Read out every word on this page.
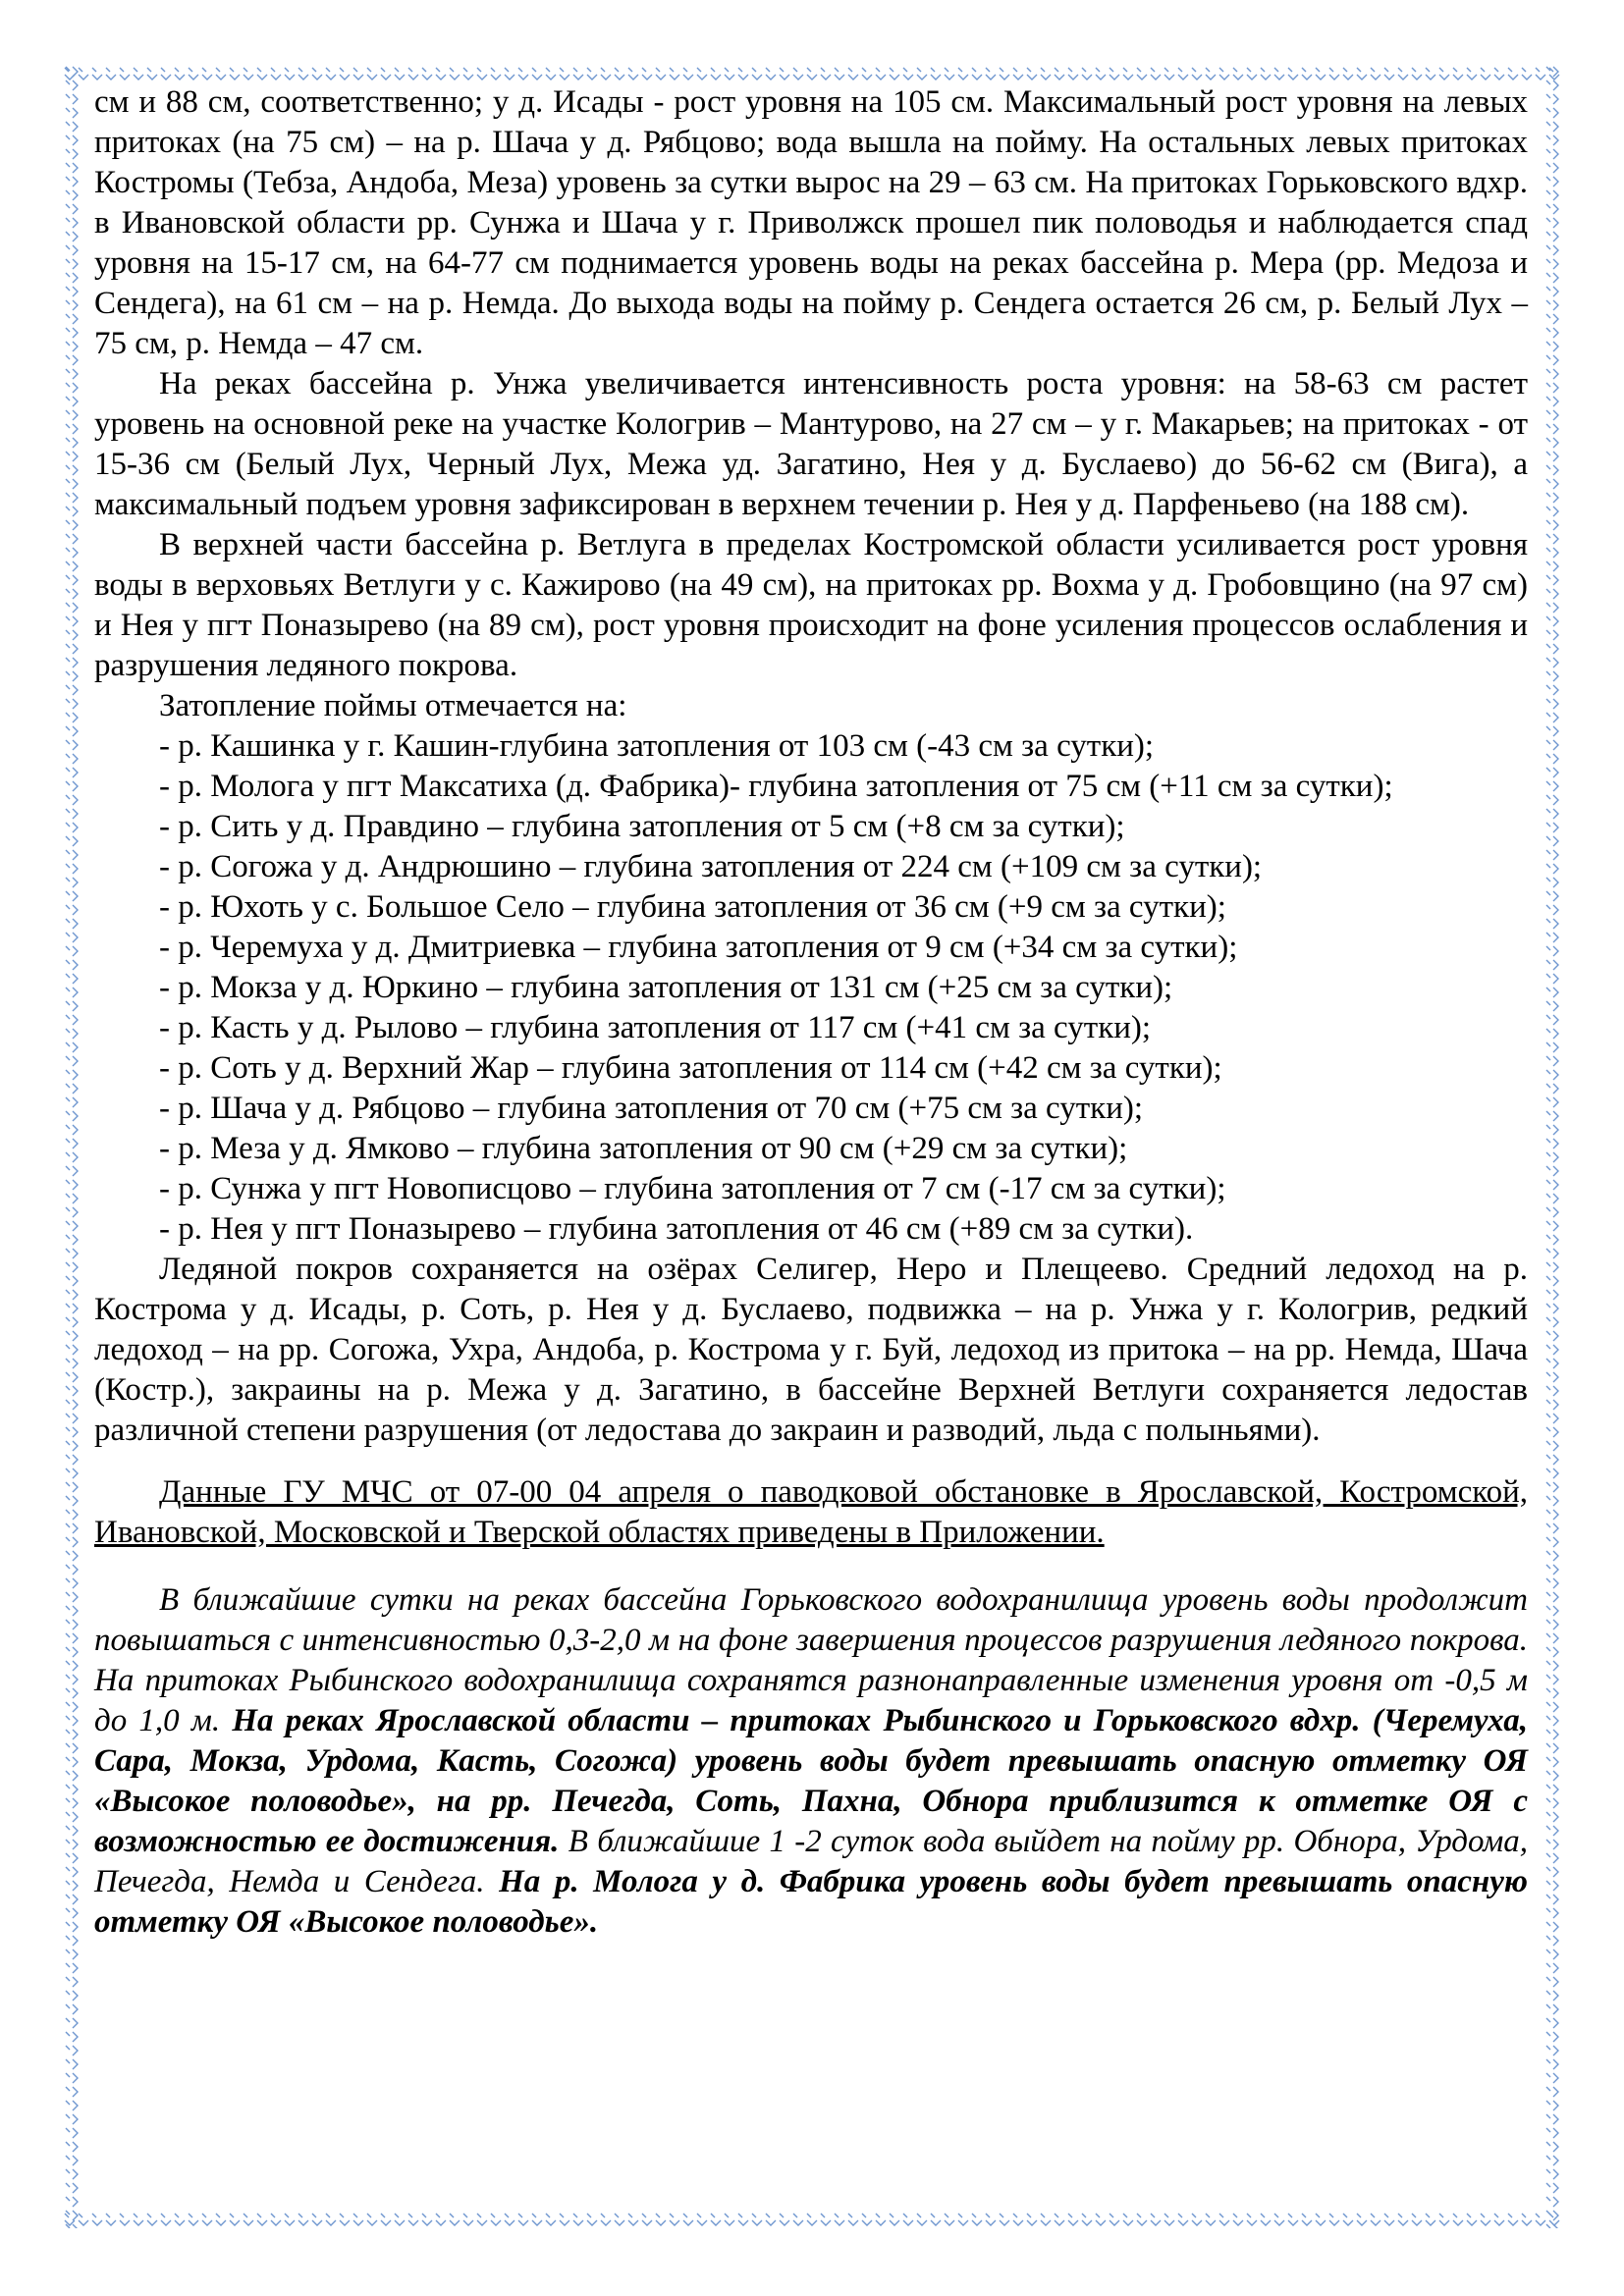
см и 88 см, соответственно; у д. Исады - рост уровня на 105 см. Максимальный рост уровня на левых притоках (на 75 см) – на р. Шача у д. Рябцово; вода вышла на пойму. На остальных левых притоках Костромы (Тебза, Андоба, Меза) уровень за сутки вырос на 29 – 63 см. На притоках Горьковского вдхр. в Ивановской области рр. Сунжа и Шача у г. Приволжск прошел пик половодья и наблюдается спад уровня на 15-17 см, на 64-77 см поднимается уровень воды на реках бассейна р. Мера (рр. Медоза и Сендега), на 61 см – на р. Немда. До выхода воды на пойму р. Сендега остается 26 см, р. Белый Лух – 75 см, р. Немда – 47 см.

На реках бассейна р. Унжа увеличивается интенсивность роста уровня: на 58-63 см растет уровень на основной реке на участке Кологрив – Мантурово, на 27 см – у г. Макарьев; на притоках - от 15-36 см (Белый Лух, Черный Лух, Межа уд. Загатино, Нея у д. Буслаево) до 56-62 см (Вига), а максимальный подъем уровня зафиксирован в верхнем течении р. Нея у д. Парфеньево (на 188 см).

В верхней части бассейна р. Ветлуга в пределах Костромской области усиливается рост уровня воды в верховьях Ветлуги у с. Кажирово (на 49 см), на притоках рр. Вохма у д. Гробовщино (на 97 см) и Нея у пгт Поназырево (на 89 см), рост уровня происходит на фоне усиления процессов ослабления и разрушения ледяного покрова.

Затопление поймы отмечается на:

- р. Кашинка у г. Кашин-глубина затопления от 103 см (-43 см за сутки);

- р. Молога у пгт Максатиха (д. Фабрика)- глубина затопления от 75 см (+11 см за сутки);

- р. Сить у д. Правдино – глубина затопления от 5 см (+8 см за сутки);

- р. Согожа у д. Андрюшино – глубина затопления от 224 см (+109 см за сутки);

- р. Юхоть у с. Большое Село – глубина затопления от 36 см (+9 см за сутки);

- р. Черемуха у д. Дмитриевка – глубина затопления от 9 см (+34 см за сутки);

- р. Мокза у д. Юркино – глубина затопления от 131 см (+25 см за сутки);

- р. Касть у д. Рылово – глубина затопления от 117 см (+41 см за сутки);

- р. Соть у д. Верхний Жар – глубина затопления от 114 см (+42 см за сутки);

- р. Шача у д. Рябцово – глубина затопления от 70 см (+75 см за сутки);

- р. Меза у д. Ямково – глубина затопления от 90 см (+29 см за сутки);

- р. Сунжа у пгт Новописцово – глубина затопления от 7 см (-17 см за сутки);

- р. Нея у пгт Поназырево – глубина затопления от 46 см (+89 см за сутки).

Ледяной покров сохраняется на озёрах Селигер, Неро и Плещеево. Средний ледоход на р. Кострома у д. Исады, р. Соть, р. Нея у д. Буслаево, подвижка – на р. Унжа у г. Кологрив, редкий ледоход – на рр. Согожа, Ухра, Андоба, р. Кострома у г. Буй, ледоход из притока – на рр. Немда, Шача (Костр.), закраины на р. Межа у д. Загатино, в бассейне Верхней Ветлуги сохраняется ледостав различной степени разрушения (от ледостава до закраин и разводий, льда с полыньями).

Данные ГУ МЧС от 07-00 04 апреля о паводковой обстановке в Ярославской, Костромской, Ивановской, Московской и Тверской областях приведены в Приложении.

В ближайшие сутки на реках бассейна Горьковского водохранилища уровень воды продолжит повышаться с интенсивностью 0,3-2,0 м на фоне завершения процессов разрушения ледяного покрова. На притоках Рыбинского водохранилища сохранятся разнонаправленные изменения уровня от -0,5 м до 1,0 м. На реках Ярославской области – притоках Рыбинского и Горьковского вдхр. (Черемуха, Сара, Мокза, Урдома, Касть, Согожа) уровень воды будет превышать опасную отметку ОЯ «Высокое половодье», на рр. Печегда, Соть, Пахна, Обнора приблизится к отметке ОЯ с возможностью ее достижения. В ближайшие 1 -2 суток вода выйдет на пойму рр. Обнора, Урдома, Печегда, Немда и Сендега. На р. Молога у д. Фабрика уровень воды будет превышать опасную отметку ОЯ «Высокое половодье».
